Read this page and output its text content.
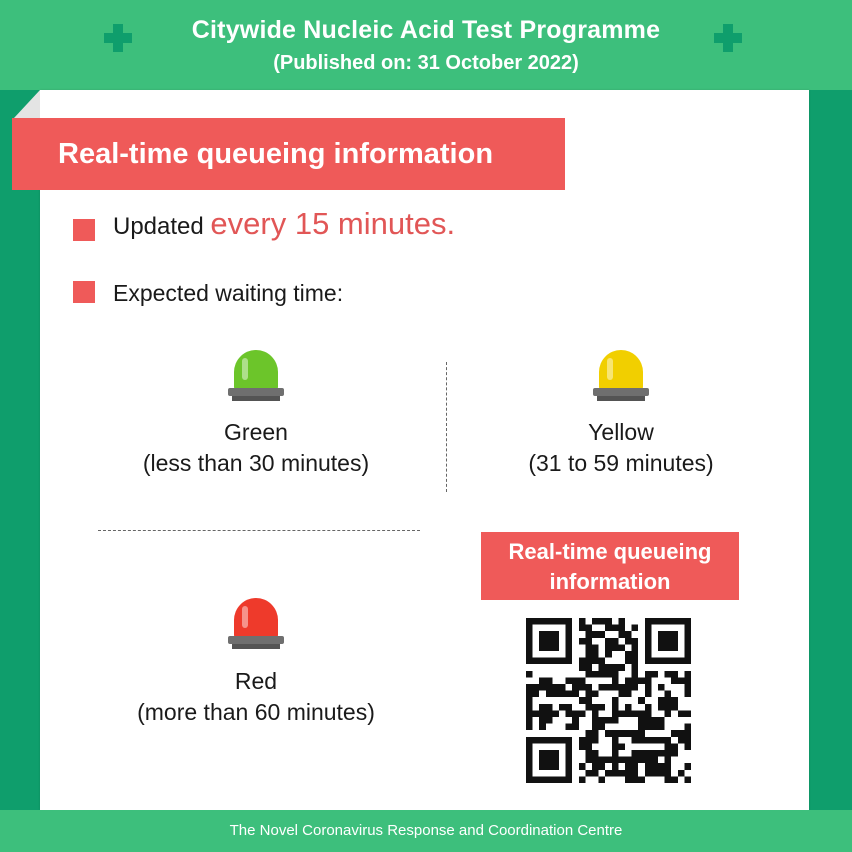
Citywide Nucleic Acid Test Programme
(Published on: 31 October 2022)
Real-time queueing information
Updated every 15 minutes.
Expected waiting time:
Green
(less than 30 minutes)
Yellow
(31 to 59 minutes)
Red
(more than 60 minutes)
Real-time queueing
information
The Novel Coronavirus Response and Coordination Centre
